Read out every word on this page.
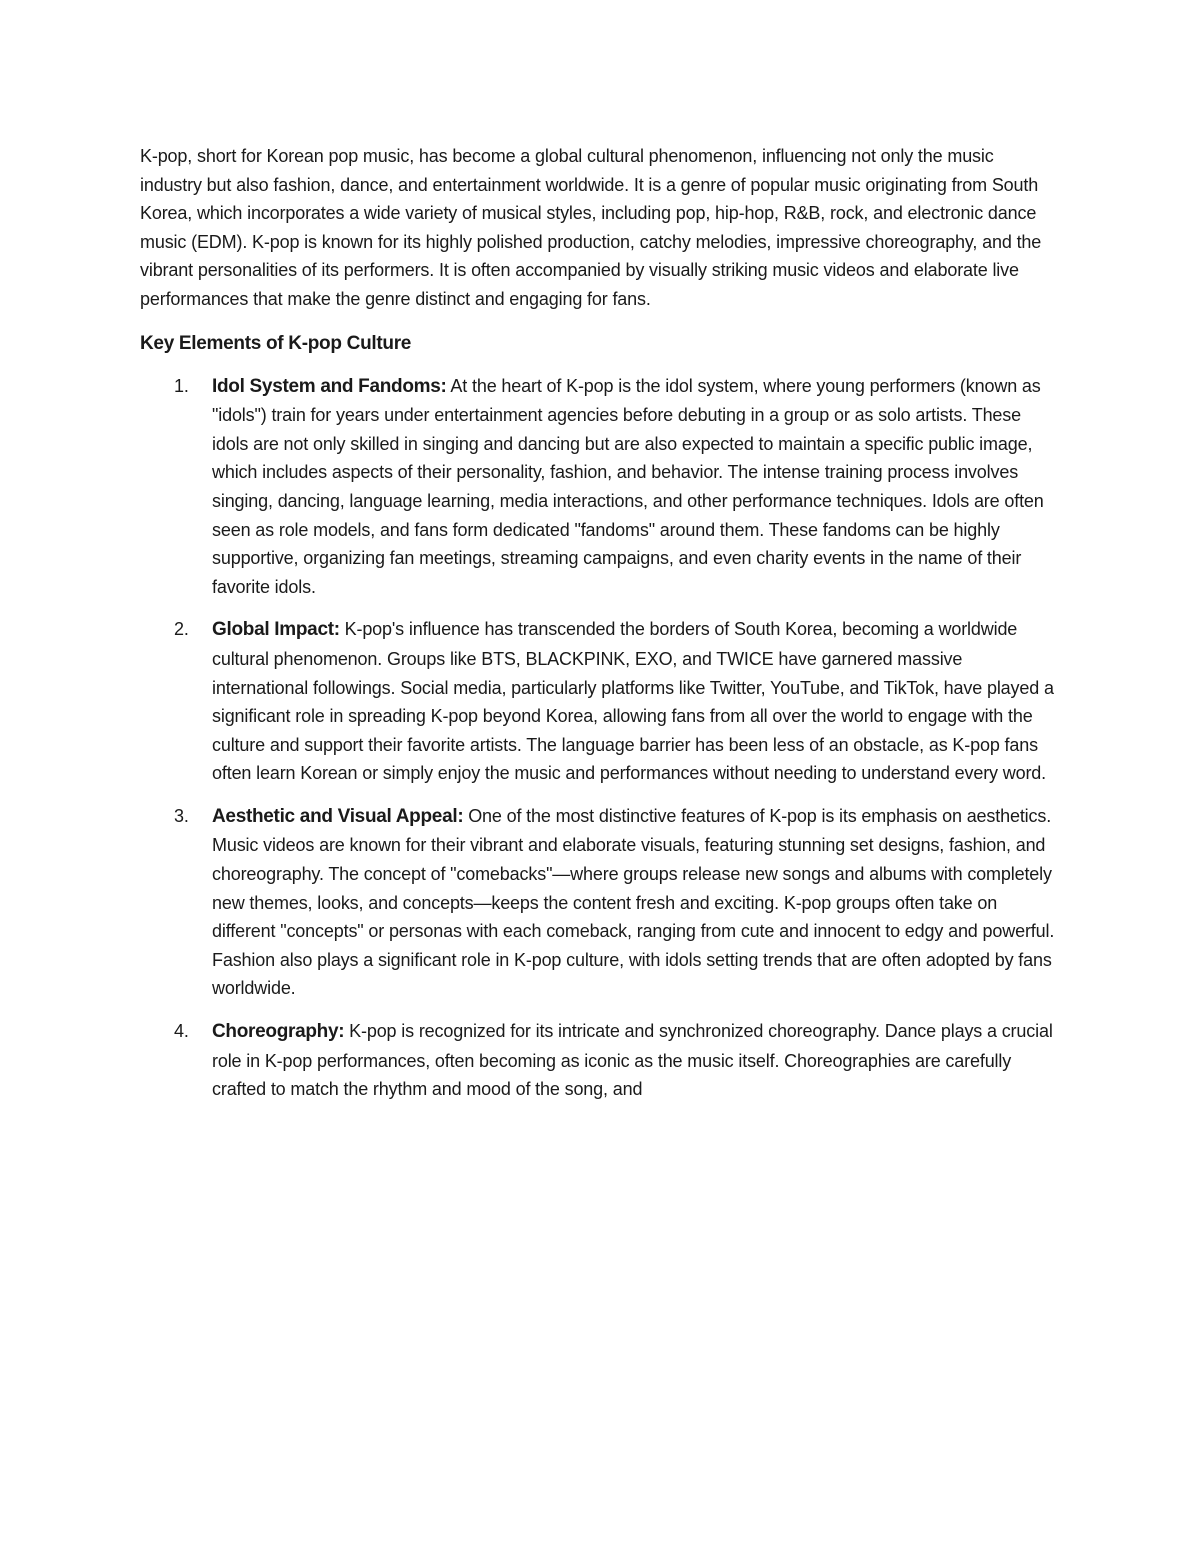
K-pop, short for Korean pop music, has become a global cultural phenomenon, influencing not only the music industry but also fashion, dance, and entertainment worldwide. It is a genre of popular music originating from South Korea, which incorporates a wide variety of musical styles, including pop, hip-hop, R&B, rock, and electronic dance music (EDM). K-pop is known for its highly polished production, catchy melodies, impressive choreography, and the vibrant personalities of its performers. It is often accompanied by visually striking music videos and elaborate live performances that make the genre distinct and engaging for fans.

Key Elements of K-pop Culture
1. Idol System and Fandoms: At the heart of K-pop is the idol system, where young performers (known as "idols") train for years under entertainment agencies before debuting in a group or as solo artists. These idols are not only skilled in singing and dancing but are also expected to maintain a specific public image, which includes aspects of their personality, fashion, and behavior. The intense training process involves singing, dancing, language learning, media interactions, and other performance techniques. Idols are often seen as role models, and fans form dedicated "fandoms" around them. These fandoms can be highly supportive, organizing fan meetings, streaming campaigns, and even charity events in the name of their favorite idols.
2. Global Impact: K-pop's influence has transcended the borders of South Korea, becoming a worldwide cultural phenomenon. Groups like BTS, BLACKPINK, EXO, and TWICE have garnered massive international followings. Social media, particularly platforms like Twitter, YouTube, and TikTok, have played a significant role in spreading K-pop beyond Korea, allowing fans from all over the world to engage with the culture and support their favorite artists. The language barrier has been less of an obstacle, as K-pop fans often learn Korean or simply enjoy the music and performances without needing to understand every word.
3. Aesthetic and Visual Appeal: One of the most distinctive features of K-pop is its emphasis on aesthetics. Music videos are known for their vibrant and elaborate visuals, featuring stunning set designs, fashion, and choreography. The concept of "comebacks"—where groups release new songs and albums with completely new themes, looks, and concepts—keeps the content fresh and exciting. K-pop groups often take on different "concepts" or personas with each comeback, ranging from cute and innocent to edgy and powerful. Fashion also plays a significant role in K-pop culture, with idols setting trends that are often adopted by fans worldwide.
4. Choreography: K-pop is recognized for its intricate and synchronized choreography. Dance plays a crucial role in K-pop performances, often becoming as iconic as the music itself. Choreographies are carefully crafted to match the rhythm and mood of the song, and
